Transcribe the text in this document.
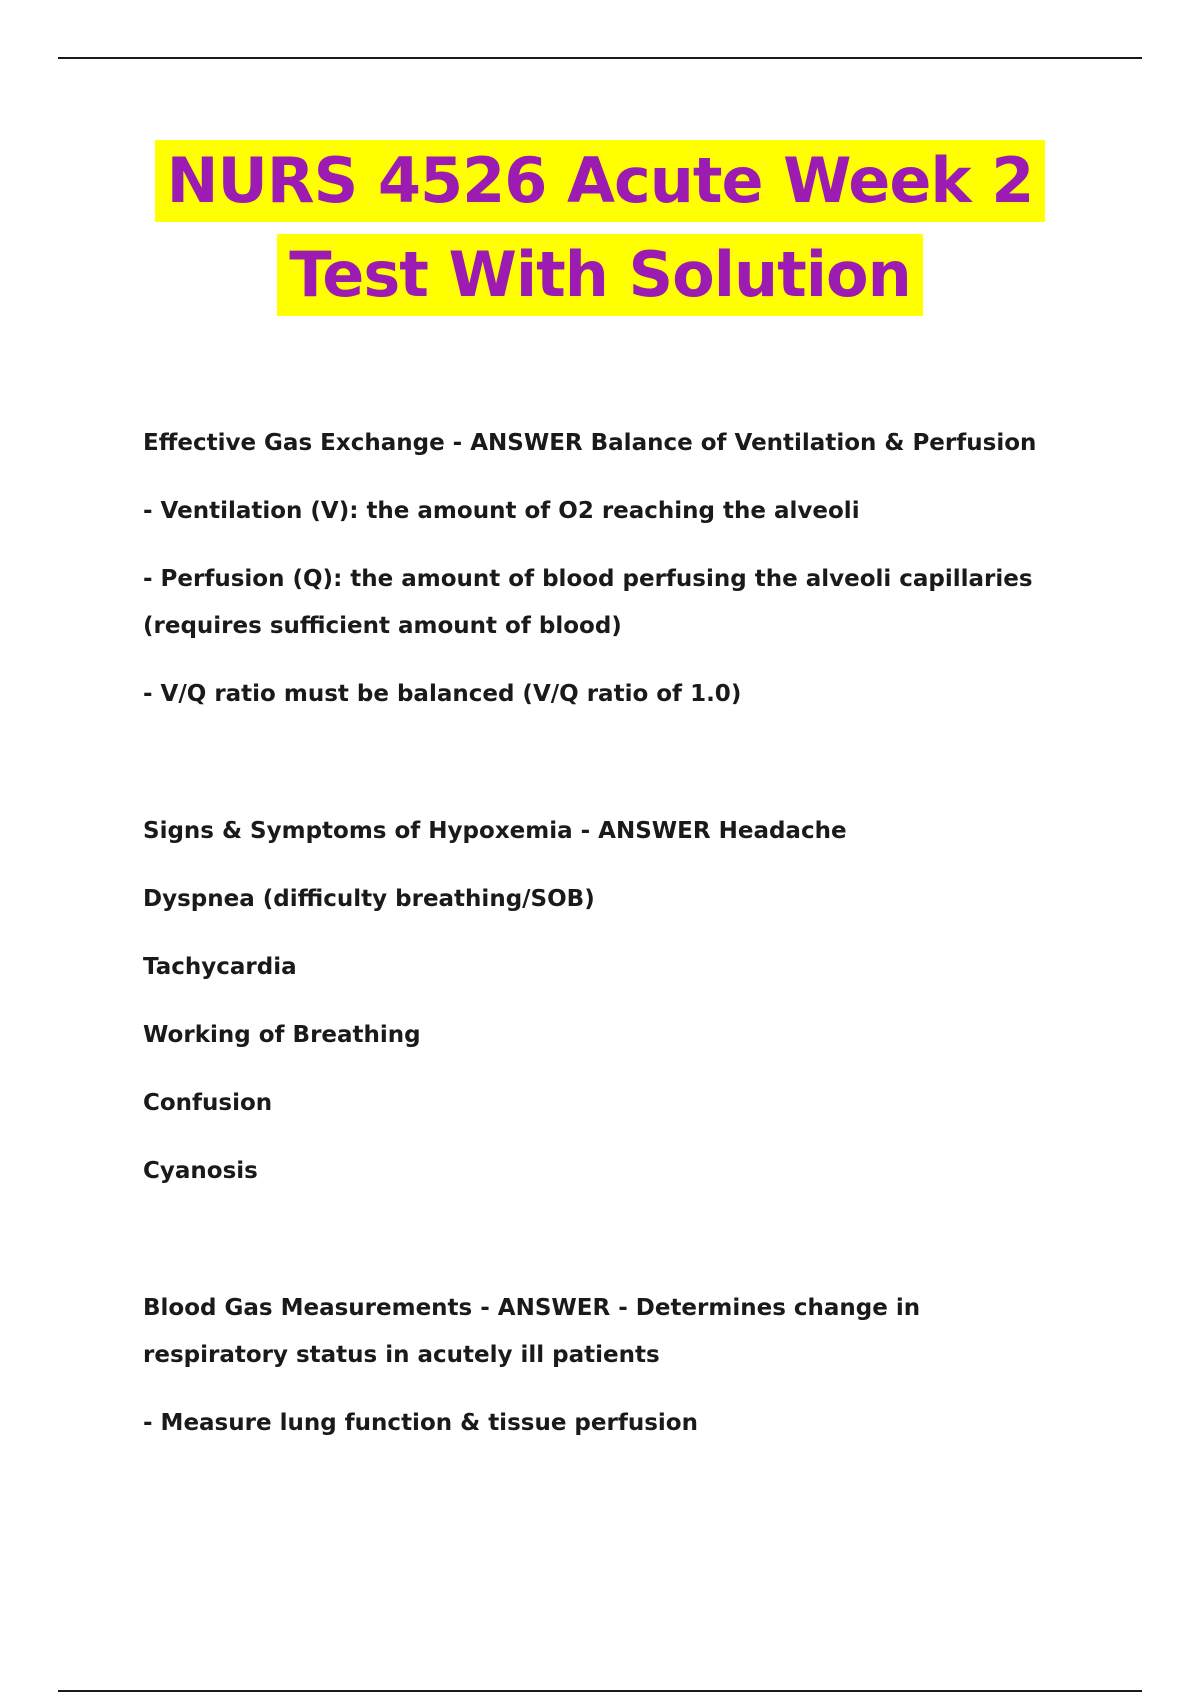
NURS 4526 Acute Week 2
Test With Solution

Effective Gas Exchange - ANSWER Balance of Ventilation & Perfusion

- Ventilation (V): the amount of O2 reaching the alveoli

- Perfusion (Q): the amount of blood perfusing the alveoli capillaries (requires sufficient amount of blood)

- V/Q ratio must be balanced (V/Q ratio of 1.0)

Signs & Symptoms of Hypoxemia - ANSWER Headache

Dyspnea (difficulty breathing/SOB)

Tachycardia

Working of Breathing

Confusion

Cyanosis

Blood Gas Measurements - ANSWER - Determines change in respiratory status in acutely ill patients

- Measure lung function & tissue perfusion
